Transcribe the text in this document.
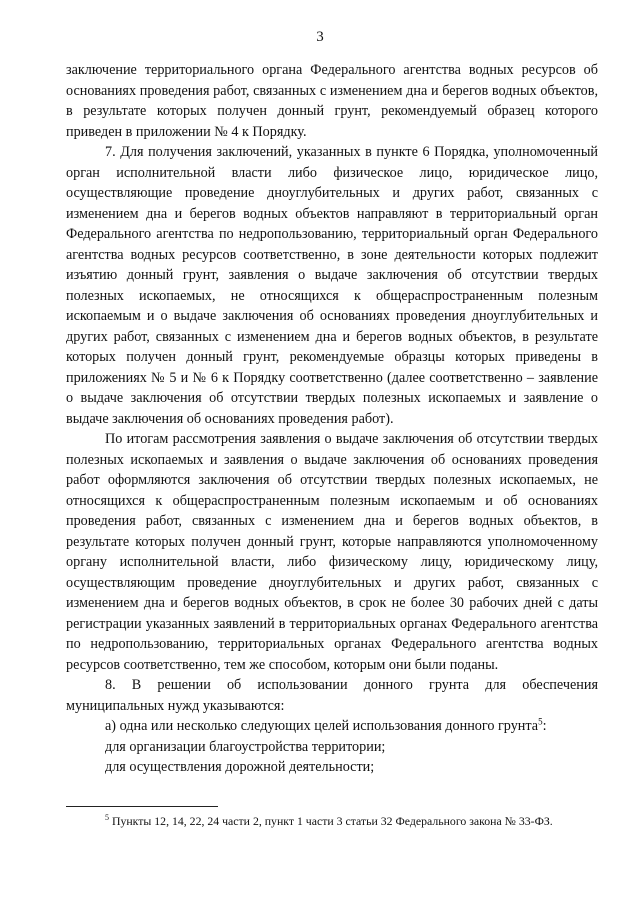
3

заключение территориального органа Федерального агентства водных ресурсов об основаниях проведения работ, связанных с изменением дна и берегов водных объектов, в результате которых получен донный грунт, рекомендуемый образец которого приведен в приложении № 4 к Порядку.

7. Для получения заключений, указанных в пункте 6 Порядка, уполномоченный орган исполнительной власти либо физическое лицо, юридическое лицо, осуществляющие проведение дноуглубительных и других работ, связанных с изменением дна и берегов водных объектов направляют в территориальный орган Федерального агентства по недропользованию, территориальный орган Федерального агентства водных ресурсов соответственно, в зоне деятельности которых подлежит изъятию донный грунт, заявления о выдаче заключения об отсутствии твердых полезных ископаемых, не относящихся к общераспространенным полезным ископаемым и о выдаче заключения об основаниях проведения дноуглубительных и других работ, связанных с изменением дна и берегов водных объектов, в результате которых получен донный грунт, рекомендуемые образцы которых приведены в приложениях № 5 и № 6 к Порядку соответственно (далее соответственно – заявление о выдаче заключения об отсутствии твердых полезных ископаемых и заявление о выдаче заключения об основаниях проведения работ).

По итогам рассмотрения заявления о выдаче заключения об отсутствии твердых полезных ископаемых и заявления о выдаче заключения об основаниях проведения работ оформляются заключения об отсутствии твердых полезных ископаемых, не относящихся к общераспространенным полезным ископаемым и об основаниях проведения работ, связанных с изменением дна и берегов водных объектов, в результате которых получен донный грунт, которые направляются уполномоченному органу исполнительной власти, либо физическому лицу, юридическому лицу, осуществляющим проведение дноуглубительных и других работ, связанных с изменением дна и берегов водных объектов, в срок не более 30 рабочих дней с даты регистрации указанных заявлений в территориальных органах Федерального агентства по недропользованию, территориальных органах Федерального агентства водных ресурсов соответственно, тем же способом, которым они были поданы.

8. В решении об использовании донного грунта для обеспечения муниципальных нужд указываются:

а) одна или несколько следующих целей использования донного грунта$^5$:

для организации благоустройства территории;

для осуществления дорожной деятельности;

$^5$ Пункты 12, 14, 22, 24 части 2, пункт 1 части 3 статьи 32 Федерального закона № 33-ФЗ.
